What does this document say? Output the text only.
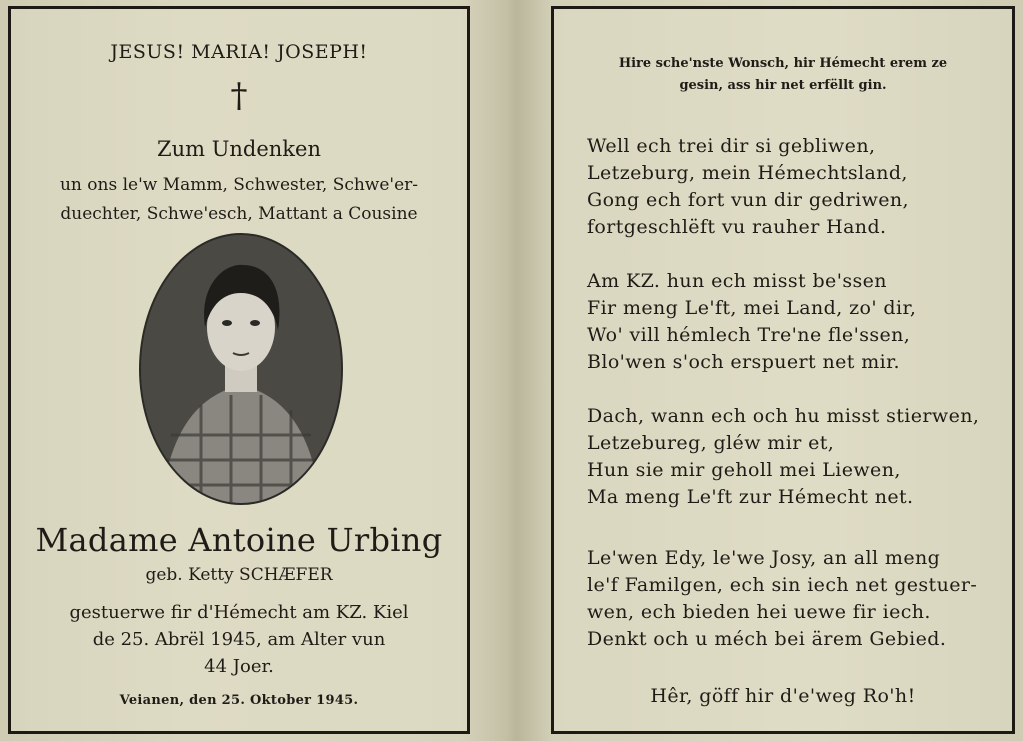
JESUS! MARIA! JOSEPH!
†
Zum Undenken
un ons le'w Mamm, Schwester, Schwe'er-
duechter, Schwe'esch, Mattant a Cousine
Madame Antoine Urbing
geb. Ketty SCHÆFER
gestuerwe fir d'Hémecht am KZ. Kiel
de 25. Abrël 1945, am Alter vun
44 Joer.
Veianen, den 25. Oktober 1945.
Hire sche'nste Wonsch, hir Hémecht erem ze
gesin, ass hir net erfëllt gin.
Well ech trei dir si gebliwen,
Letzeburg, mein Hémechtsland,
Gong ech fort vun dir gedriwen,
fortgeschlëft vu rauher Hand.
Am KZ. hun ech misst be'ssen
Fir meng Le'ft, mei Land, zo' dir,
Wo' vill hémlech Tre'ne fle'ssen,
Blo'wen s'och erspuert net mir.
Dach, wann ech och hu misst stierwen,
Letzebureg, gléw mir et,
Hun sie mir geholl mei Liewen,
Ma meng Le'ft zur Hémecht net.
Le'wen Edy, le'we Josy, an all meng
le'f Familgen, ech sin iech net gestuer-
wen, ech bieden hei uewe fir iech.
Denkt och u méch bei ärem Gebied.
Hêr, göff hir d'e'weg Ro'h!
